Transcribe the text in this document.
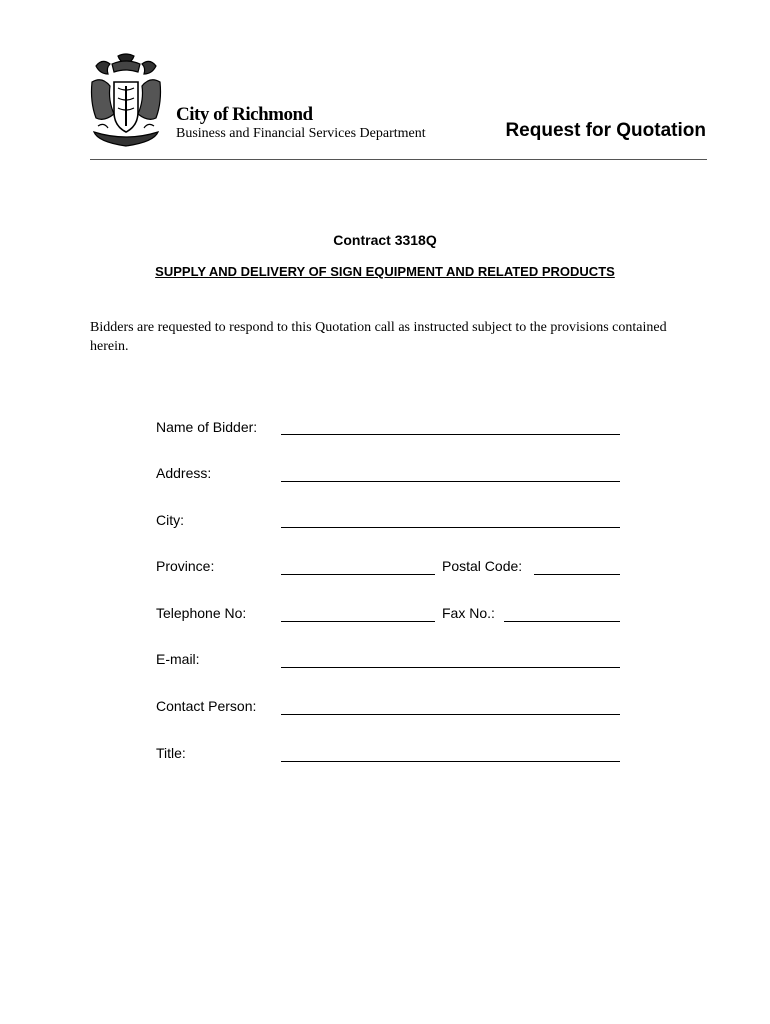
City of Richmond
Business and Financial Services Department	Request for Quotation
Contract 3318Q
SUPPLY AND DELIVERY OF SIGN EQUIPMENT AND RELATED PRODUCTS
Bidders are requested to respond to this Quotation call as instructed subject to the provisions contained herein.
Name of Bidder:
Address:
City:
Province:	Postal Code:
Telephone No:	Fax No.:
E-mail:
Contact Person:
Title:
